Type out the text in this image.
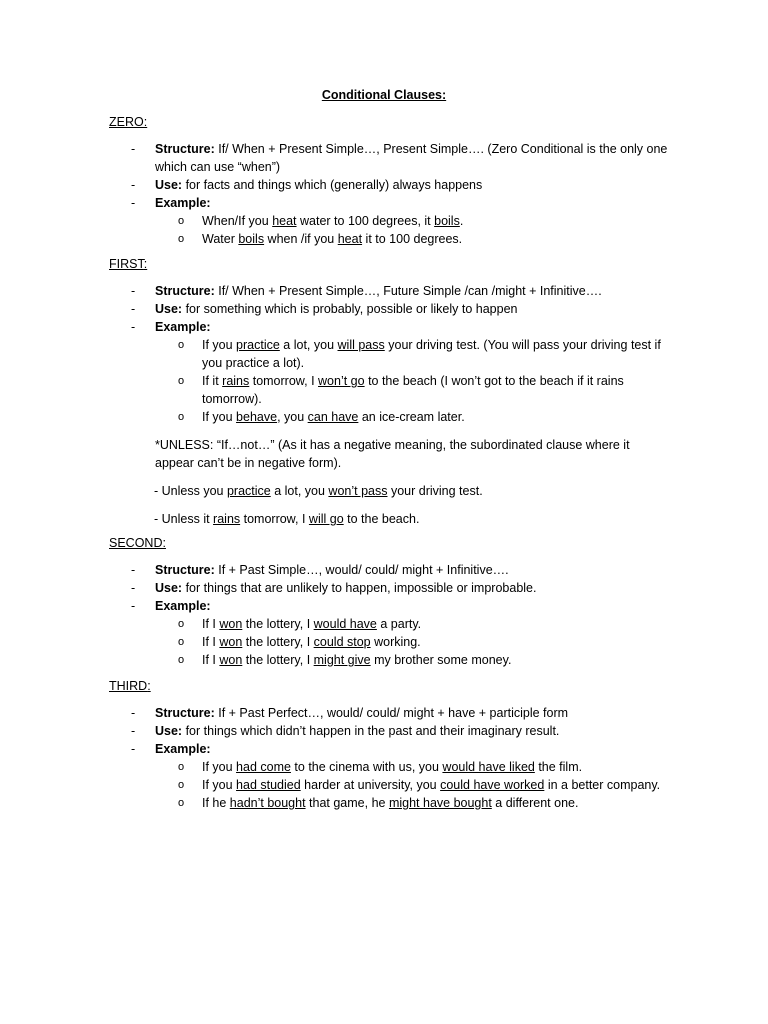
Conditional Clauses:
ZERO:
- Structure: If/ When + Present Simple…, Present Simple…. (Zero Conditional is the only one which can use “when”)
- Use: for facts and things which (generally) always happens
- Example:
o When/If you heat water to 100 degrees, it boils.
o Water boils when /if you heat it to 100 degrees.
FIRST:
- Structure: If/ When + Present Simple…, Future Simple /can /might + Infinitive….
- Use: for something which is probably, possible or likely to happen
- Example:
o If you practice a lot, you will pass your driving test. (You will pass your driving test if you practice a lot).
o If it rains tomorrow, I won’t go to the beach (I won’t got to the beach if it rains tomorrow).
o If you behave, you can have an ice-cream later.
*UNLESS: “If…not…” (As it has a negative meaning, the subordinated clause where it appear can’t be in negative form).
- Unless you practice a lot, you won’t pass your driving test.
- Unless it rains tomorrow, I will go to the beach.
SECOND:
- Structure: If + Past Simple…, would/ could/ might + Infinitive….
- Use: for things that are unlikely to happen, impossible or improbable.
- Example:
o If I won the lottery, I would have a party.
o If I won the lottery, I could stop working.
o If I won the lottery, I might give my brother some money.
THIRD:
- Structure: If + Past Perfect…, would/ could/ might + have + participle form
- Use: for things which didn’t happen in the past and their imaginary result.
- Example:
o If you had come to the cinema with us, you would have liked the film.
o If you had studied harder at university, you could have worked in a better company.
o If he hadn’t bought that game, he might have bought a different one.
